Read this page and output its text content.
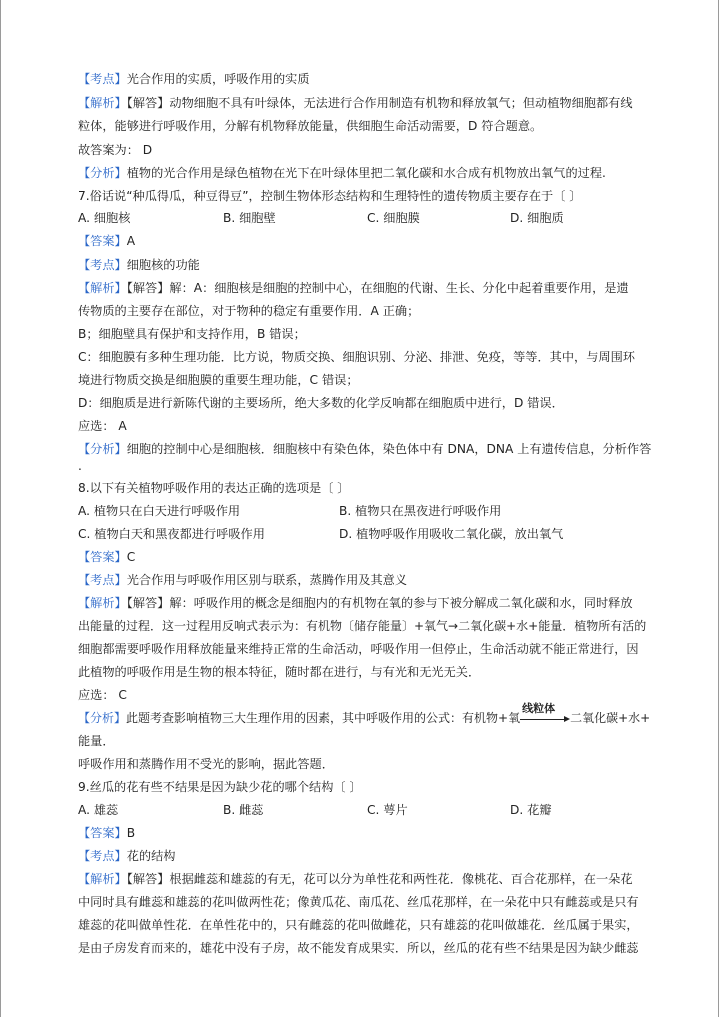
【考点】光合作用的实质，呼吸作用的实质
【解析】【解答】动物细胞不具有叶绿体，无法进行合作用制造有机物和释放氧气；但动植物细胞都有线
粒体，能够进行呼吸作用，分解有机物释放能量，供细胞生命活动需要，D 符合题意。
故答案为： D
【分析】植物的光合作用是绿色植物在光下在叶绿体里把二氧化碳和水合成有机物放出氧气的过程.
7.俗话说“种瓜得瓜，种豆得豆”，控制生物体形态结构和生理特性的遗传物质主要存在于〔 〕
A. 细胞核	B. 细胞壁	C. 细胞膜	D. 细胞质
【答案】A
【考点】细胞核的功能
【解析】【解答】解：A：细胞核是细胞的控制中心，在细胞的代谢、生长、分化中起着重要作用，是遗
传物质的主要存在部位，对于物种的稳定有重要作用．A 正确；
B；细胞壁具有保护和支持作用，B 错误；
C：细胞膜有多种生理功能．比方说，物质交换、细胞识别、分泌、排泄、免疫，等等．其中，与周围环
境进行物质交换是细胞膜的重要生理功能，C 错误；
D：细胞质是进行新陈代谢的主要场所，绝大多数的化学反响都在细胞质中进行，D 错误．
应选： A
【分析】细胞的控制中心是细胞核．细胞核中有染色体，染色体中有 DNA，DNA 上有遗传信息，分析作答
.
8.以下有关植物呼吸作用的表达正确的选项是〔 〕
A. 植物只在白天进行呼吸作用	B. 植物只在黑夜进行呼吸作用
C. 植物白天和黑夜都进行呼吸作用	D. 植物呼吸作用吸收二氧化碳，放出氧气
【答案】C
【考点】光合作用与呼吸作用区别与联系，蒸腾作用及其意义
【解析】【解答】解：呼吸作用的概念是细胞内的有机物在氧的参与下被分解成二氧化碳和水，同时释放
出能量的过程．这一过程用反响式表示为：有机物〔储存能量〕+氧气→二氧化碳+水+能量．植物所有活的
细胞都需要呼吸作用释放能量来维持正常的生命活动，呼吸作用一但停止，生命活动就不能正常进行，因
此植物的呼吸作用是生物的根本特征，随时都在进行，与有光和无光无关．
应选： C
【分析】此题考查影响植物三大生理作用的因素，其中呼吸作用的公式：有机物+氧
线粒体
二氧化碳+水+
能量．
呼吸作用和蒸腾作用不受光的影响，据此答题．
9.丝瓜的花有些不结果是因为缺少花的哪个结构〔 〕
A. 雄蕊	B. 雌蕊	C. 萼片	D. 花瓣
【答案】B
【考点】花的结构
【解析】【解答】根据雌蕊和雄蕊的有无，花可以分为单性花和两性花．像桃花、百合花那样，在一朵花
中同时具有雌蕊和雄蕊的花叫做两性花；像黄瓜花、南瓜花、丝瓜花那样，在一朵花中只有雌蕊或是只有
雄蕊的花叫做单性花．在单性花中的，只有雌蕊的花叫做雌花，只有雄蕊的花叫做雄花．丝瓜属于果实，
是由子房发育而来的，雄花中没有子房，故不能发育成果实．所以，丝瓜的花有些不结果是因为缺少雌蕊
